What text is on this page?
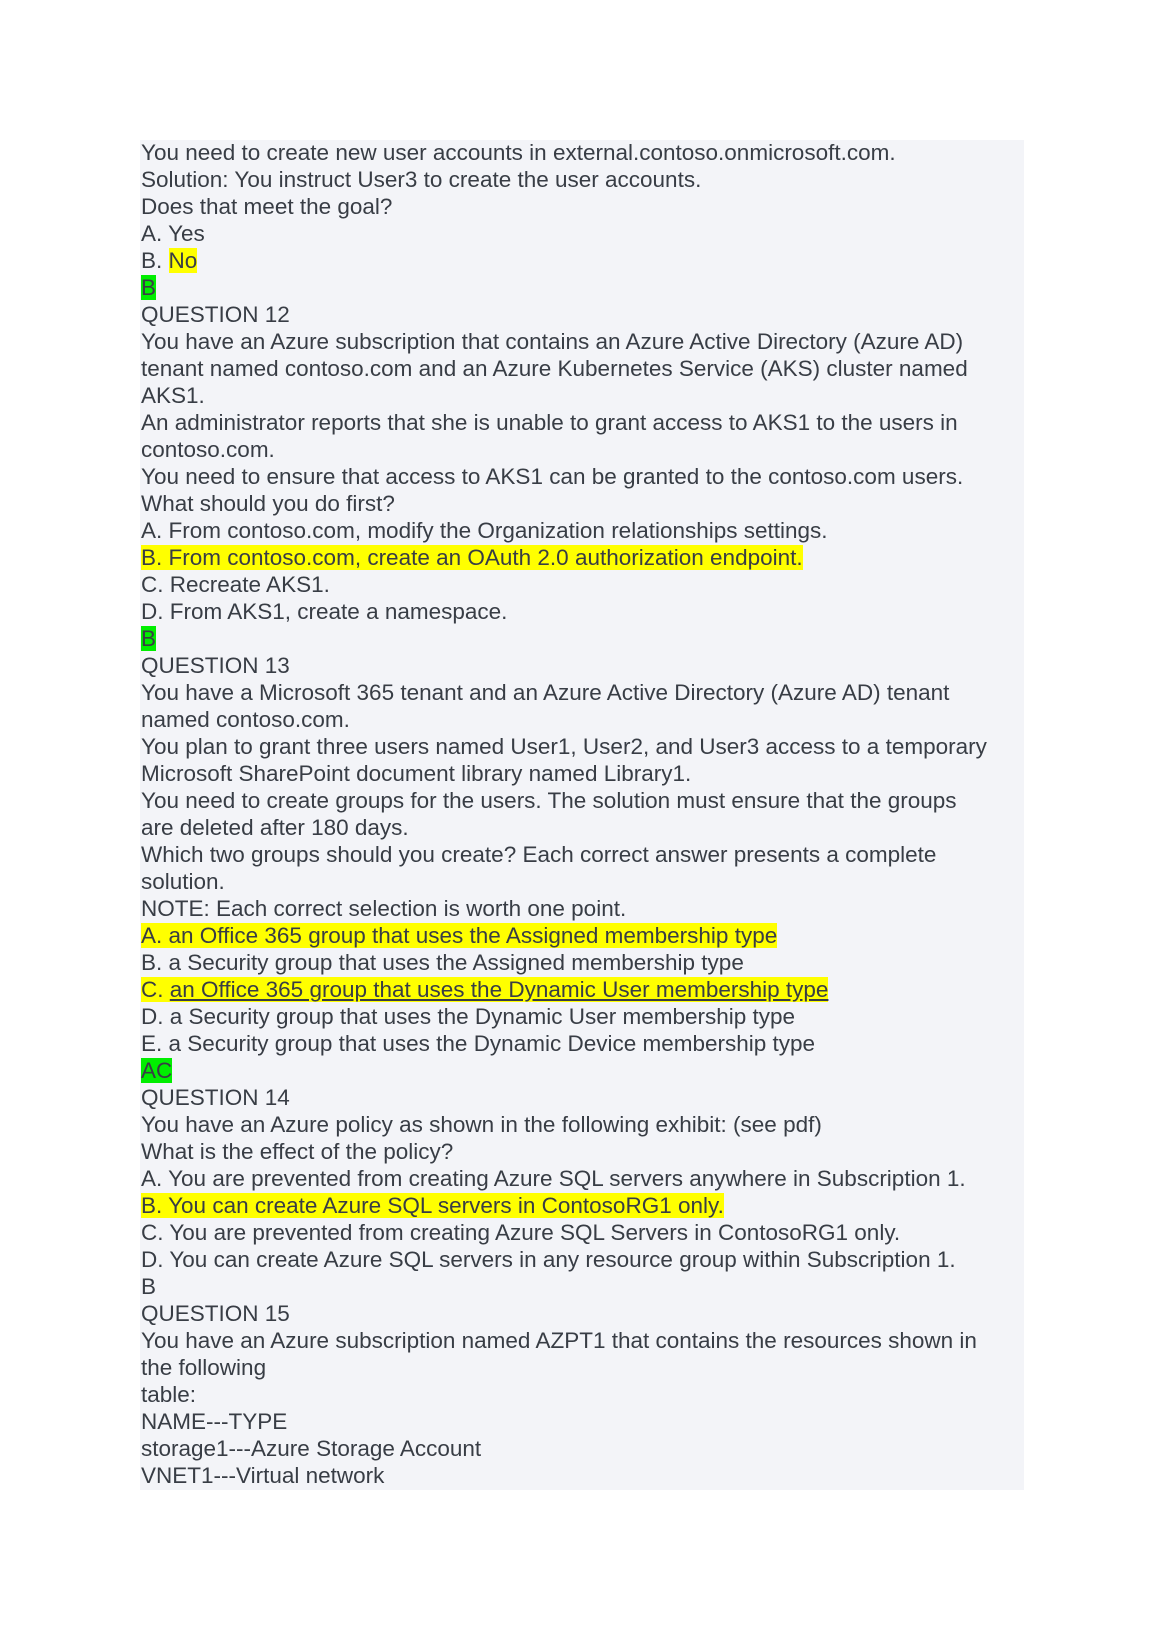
You need to create new user accounts in external.contoso.onmicrosoft.com.
Solution: You instruct User3 to create the user accounts.
Does that meet the goal?
A. Yes
B. No
B
QUESTION 12
You have an Azure subscription that contains an Azure Active Directory (Azure AD)
tenant named contoso.com and an Azure Kubernetes Service (AKS) cluster named
AKS1.
An administrator reports that she is unable to grant access to AKS1 to the users in
contoso.com.
You need to ensure that access to AKS1 can be granted to the contoso.com users.
What should you do first?
A. From contoso.com, modify the Organization relationships settings.
B. From contoso.com, create an OAuth 2.0 authorization endpoint.
C. Recreate AKS1.
D. From AKS1, create a namespace.
B
QUESTION 13
You have a Microsoft 365 tenant and an Azure Active Directory (Azure AD) tenant
named contoso.com.
You plan to grant three users named User1, User2, and User3 access to a temporary
Microsoft SharePoint document library named Library1.
You need to create groups for the users. The solution must ensure that the groups
are deleted after 180 days.
Which two groups should you create? Each correct answer presents a complete
solution.
NOTE: Each correct selection is worth one point.
A. an Office 365 group that uses the Assigned membership type
B. a Security group that uses the Assigned membership type
C. an Office 365 group that uses the Dynamic User membership type
D. a Security group that uses the Dynamic User membership type
E. a Security group that uses the Dynamic Device membership type
AC
QUESTION 14
You have an Azure policy as shown in the following exhibit: (see pdf)
What is the effect of the policy?
A. You are prevented from creating Azure SQL servers anywhere in Subscription 1.
B. You can create Azure SQL servers in ContosoRG1 only.
C. You are prevented from creating Azure SQL Servers in ContosoRG1 only.
D. You can create Azure SQL servers in any resource group within Subscription 1.
B
QUESTION 15
You have an Azure subscription named AZPT1 that contains the resources shown in
the following
table:
NAME---TYPE
storage1---Azure Storage Account
VNET1---Virtual network
